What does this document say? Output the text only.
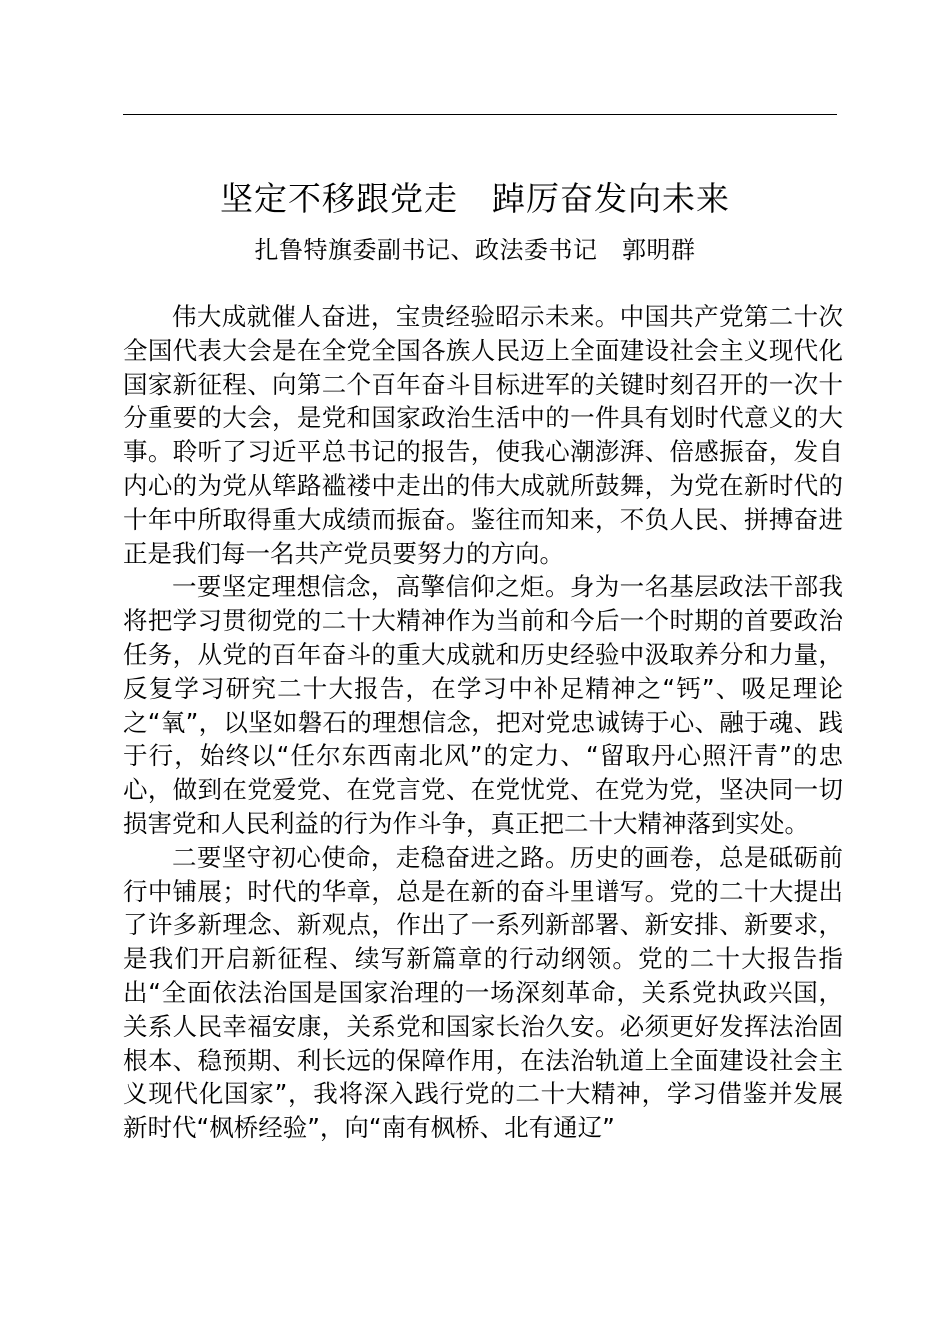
坚定不移跟党走　踔厉奋发向未来
扎鲁特旗委副书记、政法委书记　郭明群

伟大成就催人奋进，宝贵经验昭示未来。中国共产党第二十次全国代表大会是在全党全国各族人民迈上全面建设社会主义现代化国家新征程、向第二个百年奋斗目标进军的关键时刻召开的一次十分重要的大会，是党和国家政治生活中的一件具有划时代意义的大事。聆听了习近平总书记的报告，使我心潮澎湃、倍感振奋，发自内心的为党从筚路褴褛中走出的伟大成就所鼓舞，为党在新时代的十年中所取得重大成绩而振奋。鉴往而知来，不负人民、拼搏奋进正是我们每一名共产党员要努力的方向。

一要坚定理想信念，高擎信仰之炬。身为一名基层政法干部我将把学习贯彻党的二十大精神作为当前和今后一个时期的首要政治任务，从党的百年奋斗的重大成就和历史经验中汲取养分和力量，反复学习研究二十大报告，在学习中补足精神之“钙”、吸足理论之“氧”，以坚如磐石的理想信念，把对党忠诚铸于心、融于魂、践于行，始终以“任尔东西南北风”的定力、“留取丹心照汗青”的忠心，做到在党爱党、在党言党、在党忧党、在党为党，坚决同一切损害党和人民利益的行为作斗争，真正把二十大精神落到实处。

二要坚守初心使命，走稳奋进之路。历史的画卷，总是砥砺前行中铺展；时代的华章，总是在新的奋斗里谱写。党的二十大提出了许多新理念、新观点，作出了一系列新部署、新安排、新要求，是我们开启新征程、续写新篇章的行动纲领。党的二十大报告指出“全面依法治国是国家治理的一场深刻革命，关系党执政兴国，关系人民幸福安康，关系党和国家长治久安。必须更好发挥法治固根本、稳预期、利长远的保障作用，在法治轨道上全面建设社会主义现代化国家”，我将深入践行党的二十大精神，学习借鉴并发展新时代“枫桥经验”，向“南有枫桥、北有通辽”
